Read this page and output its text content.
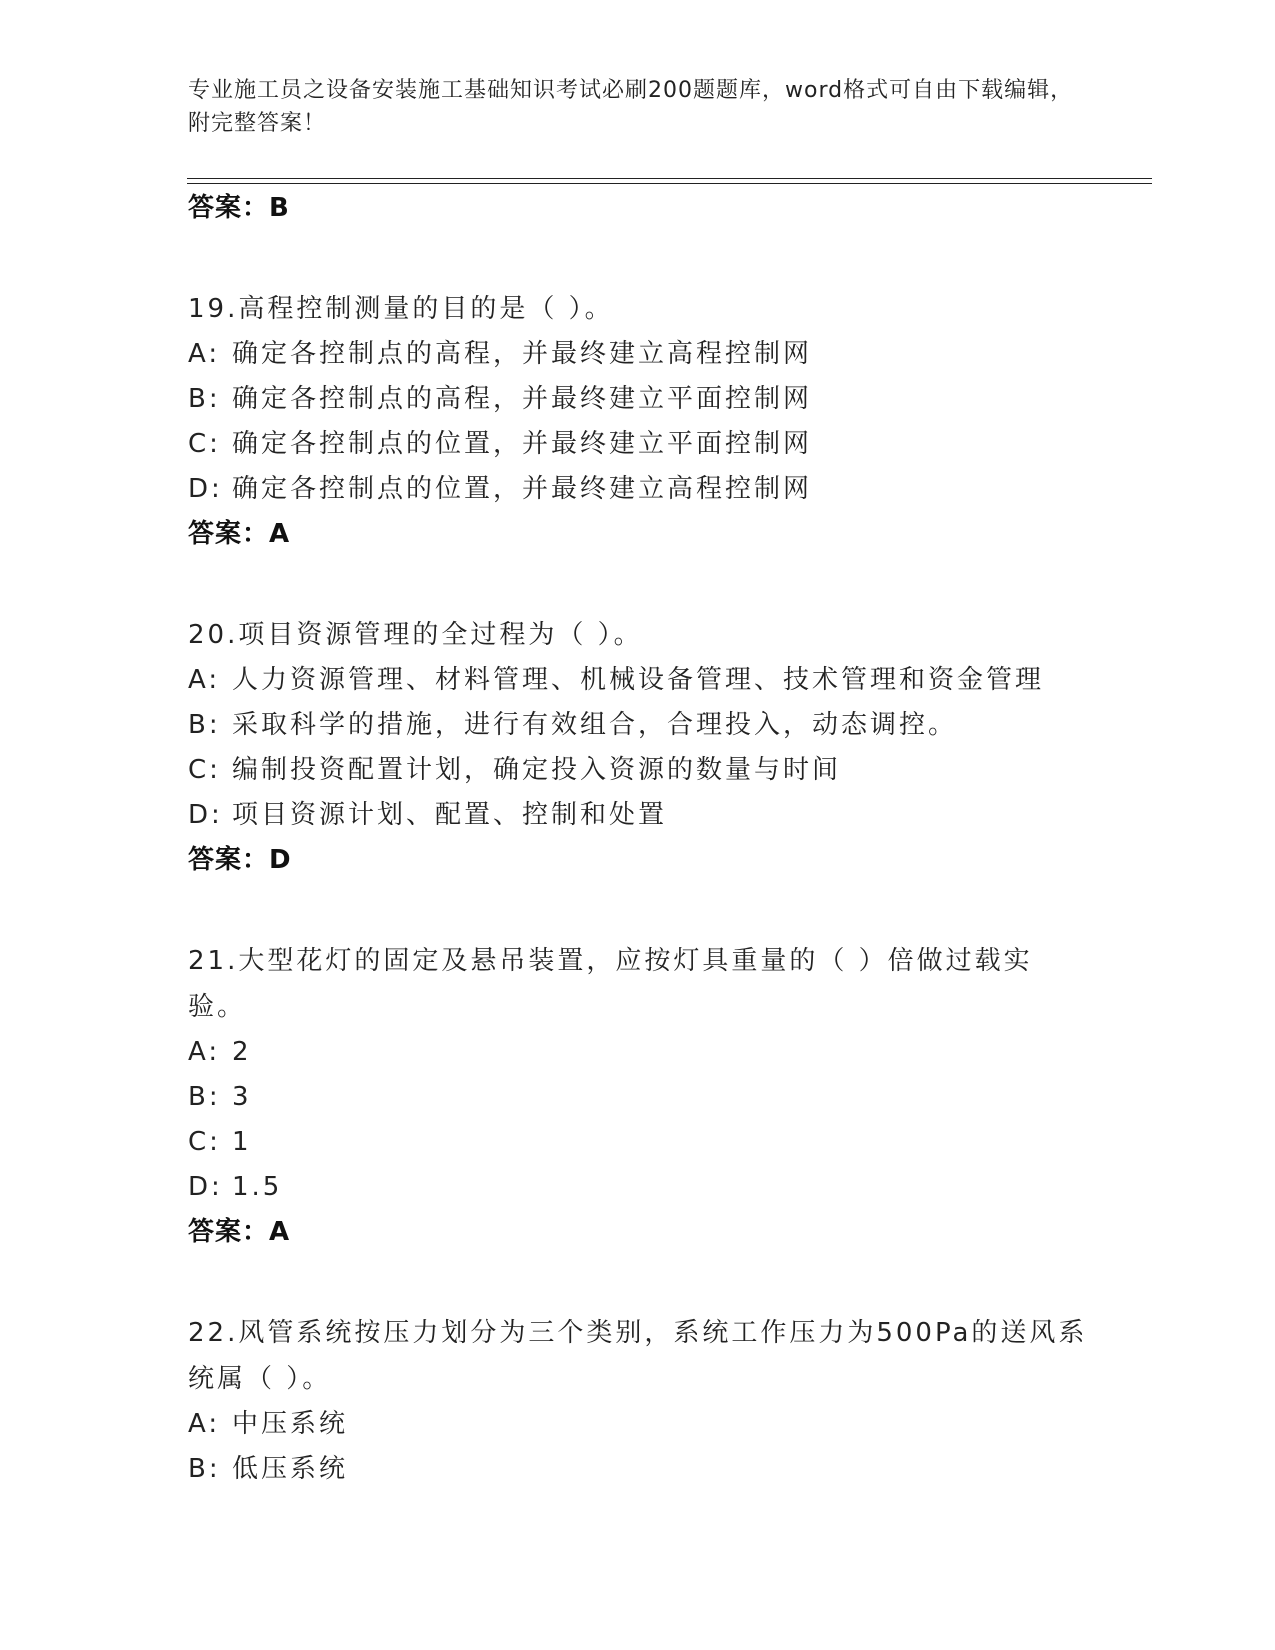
专业施工员之设备安装施工基础知识考试必刷200题题库，word格式可自由下载编辑，附完整答案！
答案：B
19.高程控制测量的目的是（ ）。
A: 确定各控制点的高程，并最终建立高程控制网
B: 确定各控制点的高程，并最终建立平面控制网
C: 确定各控制点的位置，并最终建立平面控制网
D: 确定各控制点的位置，并最终建立高程控制网
答案：A
20.项目资源管理的全过程为（ ）。
A: 人力资源管理、材料管理、机械设备管理、技术管理和资金管理
B: 采取科学的措施，进行有效组合，合理投入，动态调控。
C: 编制投资配置计划，确定投入资源的数量与时间
D: 项目资源计划、配置、控制和处置
答案：D
21.大型花灯的固定及悬吊装置，应按灯具重量的（ ）倍做过载实验。
A: 2
B: 3
C: 1
D: 1.5
答案：A
22.风管系统按压力划分为三个类别，系统工作压力为500Pa的送风系统属（ ）。
A: 中压系统
B: 低压系统
